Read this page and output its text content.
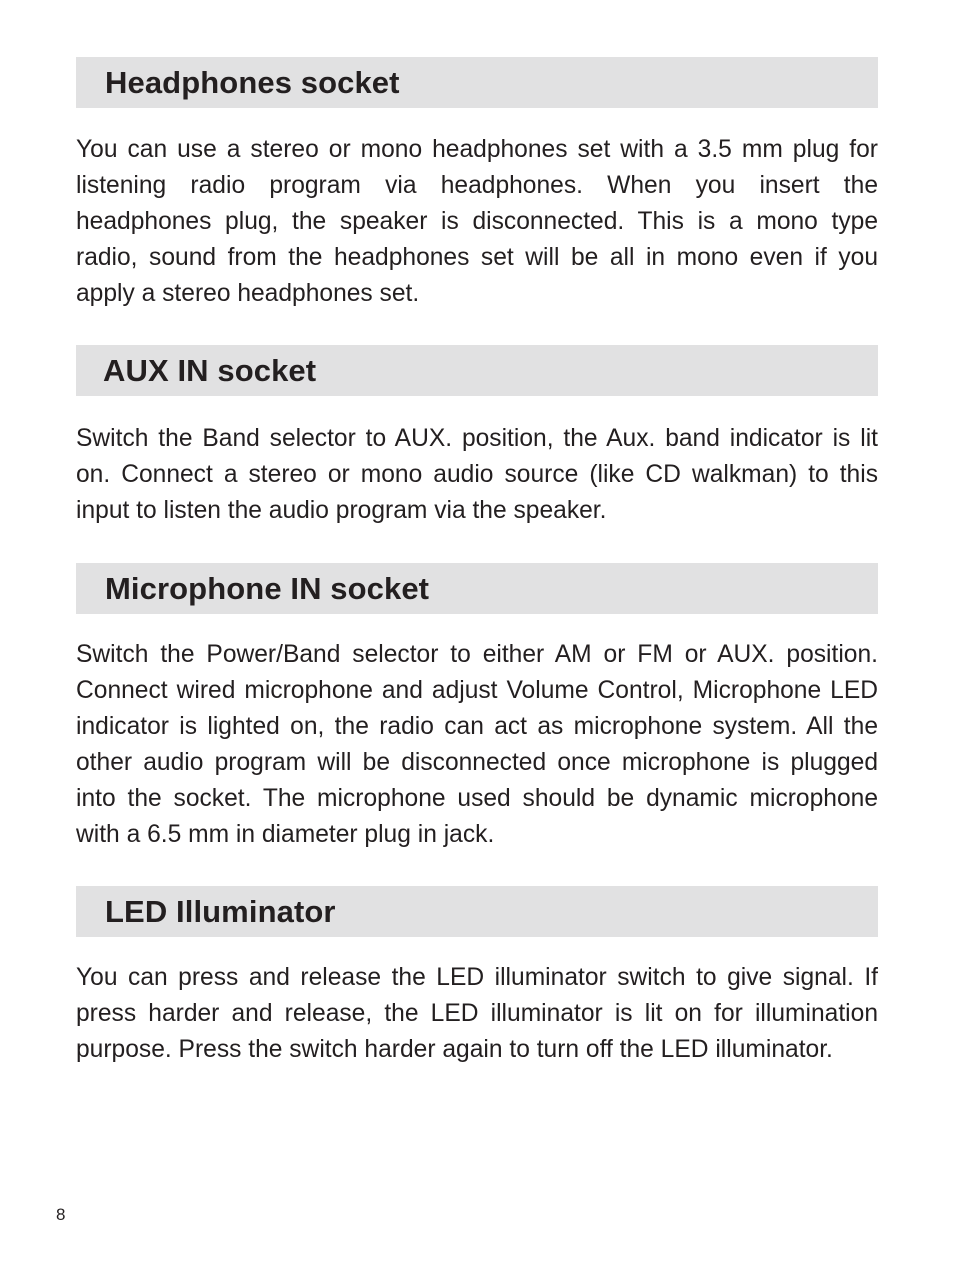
Headphones socket

You can use a stereo or mono headphones set with a 3.5 mm plug for listening radio program via headphones. When you insert the headphones plug, the speaker is disconnected. This is a mono type radio, sound from the headphones set will be all in mono even if you apply a stereo headphones set.

AUX IN socket

Switch the Band selector to AUX. position, the Aux. band indicator is lit on. Connect a stereo or mono audio source (like CD walkman) to this input to listen the audio program via the speaker.

Microphone IN socket

Switch the Power/Band selector to either AM or FM or AUX. position. Connect wired microphone and adjust Volume Control, Microphone LED indicator is lighted on, the radio can act as microphone system. All the other audio program will be disconnected once microphone is plugged into the socket. The microphone used should be dynamic microphone with a 6.5 mm in diameter plug in jack.

LED Illuminator

You can press and release the LED illuminator switch to give signal. If press harder and release, the LED illuminator is lit on for illumination purpose. Press the switch harder again to turn off the LED illuminator.

8
